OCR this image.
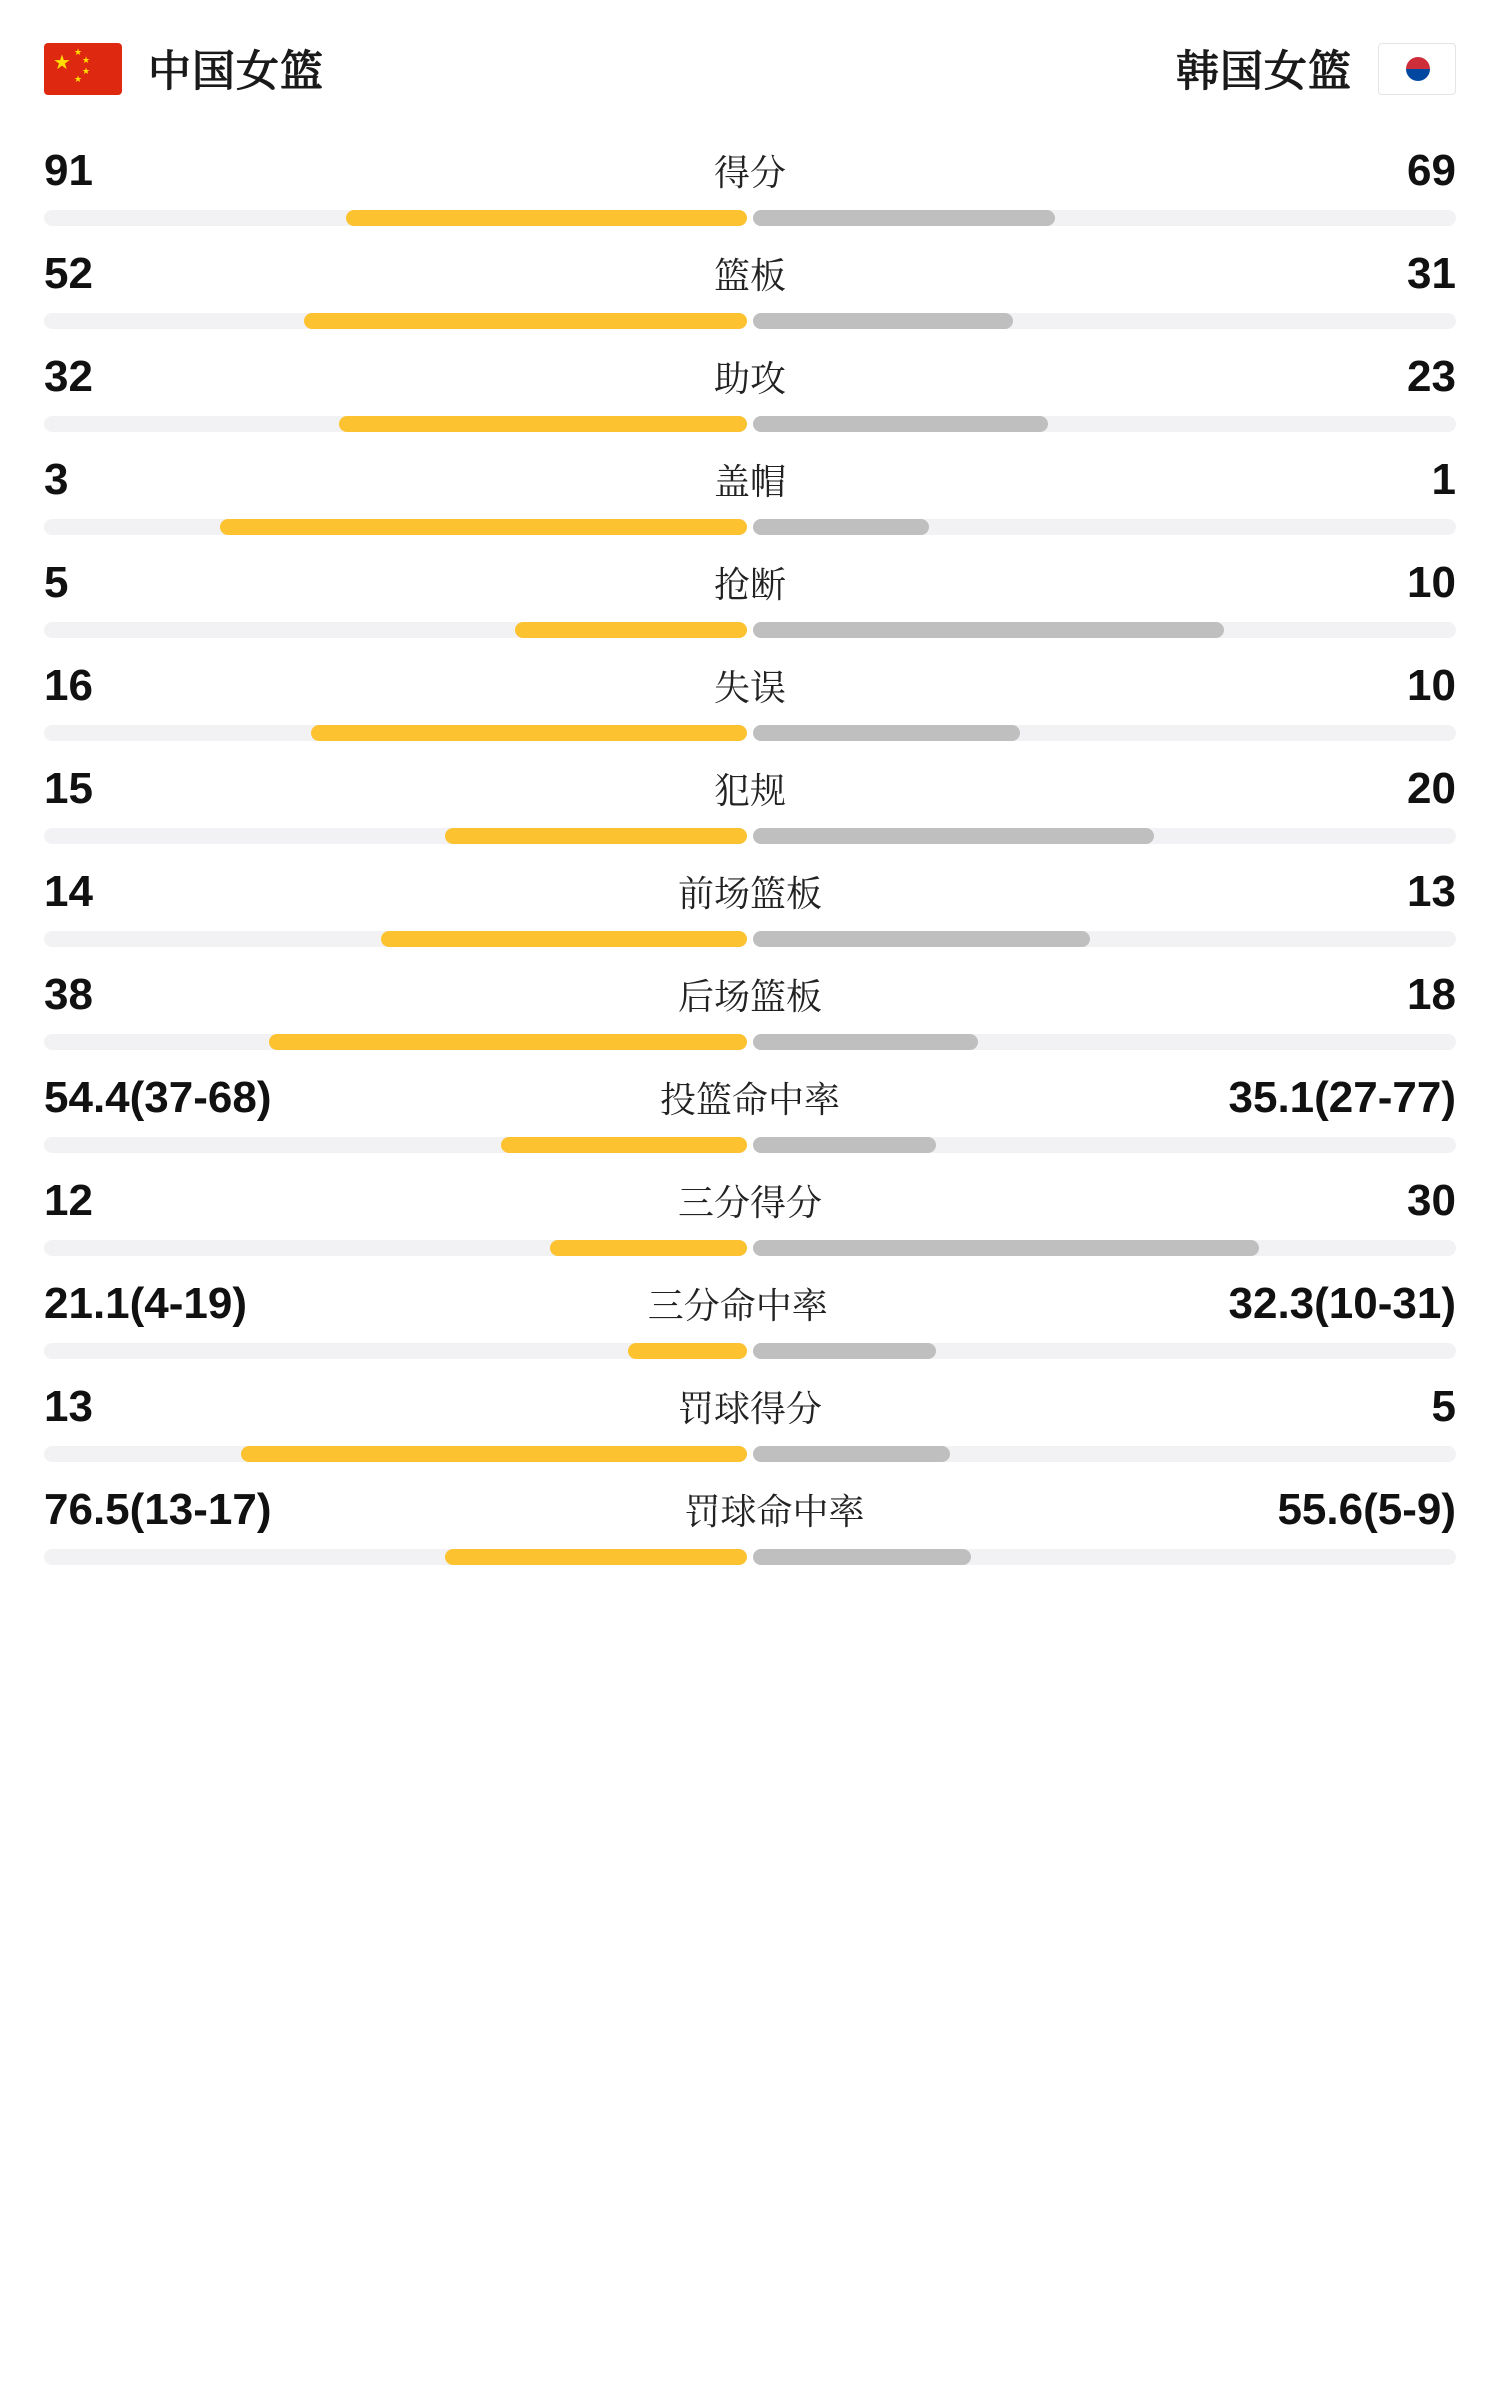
★ ★
★
★
★ 中国女篮	韩国女篮
91	得分	69
52	篮板	31
32	助攻	23
3	盖帽	1
5	抢断	10
16	失误	10
15	犯规	20
14	前场篮板	13
38	后场篮板	18
54.4(37-68)	投篮命中率	35.1(27-77)
12	三分得分	30
21.1(4-19)	三分命中率	32.3(10-31)
13	罚球得分	5
76.5(13-17)	罚球命中率	55.6(5-9)
